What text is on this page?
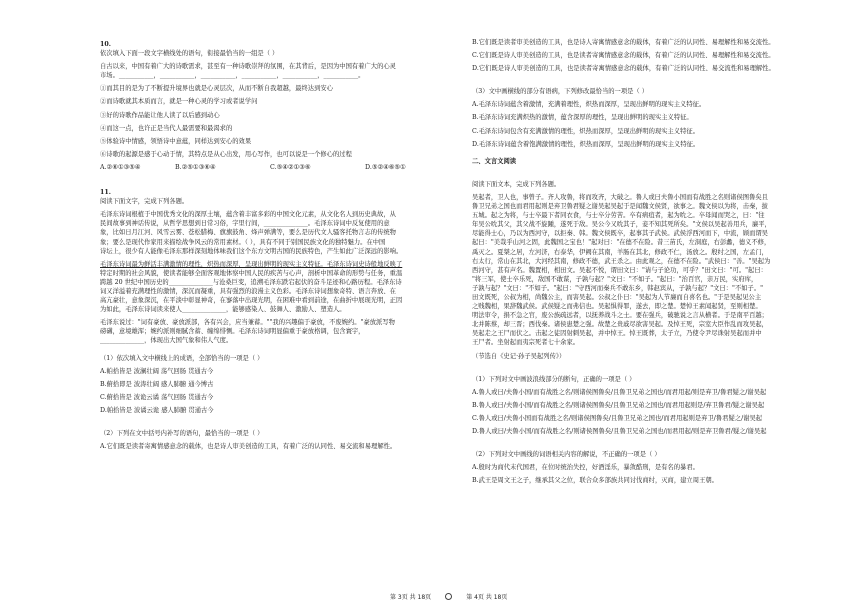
10.

依次填入下面一段文字横线处的语句，衔接最恰当的一组是（ ）

自古以来，中国有着广大的诗歌需求，甚至有一种诗歌崇拜的氛围，在其背后，是因为中国有着广大的心灵

市场。___________，___________，___________，___________，___________，___________。

①而其目的是为了不断提升境界也就是心灵层次，从而不断自我超越，最终达到安心

②而诗歌就其本质而言，就是一种心灵的学习或者说学问

③好的诗歌作品能让他人读了以后感到动心

④而这一点，也许正是当代人最需要和最渴求的

⑤体验诗中情感，领悟诗中意蕴，同样达到安心的效果

⑥诗歌的起源是感于心动于情，其特点是从心出发，用心写作，也可以说是一个修心的过程

A.②⑥①③⑤④	B.②⑤①③⑥④	C.⑤④②①③⑥	D.⑤②④⑥⑤①

11.

阅读下面文字，完成下列各题。

毛泽东诗词根植于中国优秀文化的深厚土壤，蕴含着丰富多彩的中国文化元素，从文化名人到历史典故，从

民间故事到神话传说，从哲学思想到日常习俗，字里行间，______________。毛泽东诗词中反复使用的意

象，比如日月江河、风雪云雾、苍松腊梅、旗旗鼓角、烽声弹满等，要么是历代文人骚客托物言志的传统物

象；要么是现代作家用来描绘战争风云的常用素材。（ ），具有不同于别国民族文化的独特魅力。在中国

诗坛上，很少有人能像毛泽东那样深刻地体味我们这个东方文明古国的民族特色，产生如此广泛深远的影响。

毛泽东诗词最为鲜活丰满激情的理性，炽热而深厚，呈现出鲜明的现实主义特征。毛泽东诗词史诗般地反映了

特定时期的社会风貌，使读者能够全面客观地体察中国人民的疾苦与心声，剖析中国革命的形势与任务，重温

跨越 20 世纪中国历史的______________与沧桑巨变，追溯毛泽东跌宕起伏的奋斗足迹和心路历程。毛泽东诗

词又洋溢着充满理性的激情，深沉而凝重，具有强烈的浪漫主义色彩。毛泽东诗词想象奇特、语言奔放、在

高亢豪壮，意象深沉，在平淡中彰显神奇，在寥落中出现光明，在困难中看到前途，在曲折中展现光明，正因

为如此，毛泽东诗词读来使人______________，能够感染人、鼓舞人、激励人、塑造人。

毛泽东说过："词有豪放、豪放派部，各有兴会，应当兼蓄。""我的兴趣偏于豪放，不废婉约。"豪放派写物

磅礴，意境雄浑；婉约派则细腻含蓄、缠绵悱恻。毛泽东诗词明显偏重于豪放格调，包含寰宇，

______________，体现出大国气象和伟人气度。

（1）依次填入文中横线上的成语，全部恰当的一项是（ ）

A.帕拾皆是 波澜壮阔 荡气回肠 贯通古今

B.俯拾即是 波涛壮阔 感人肺腑 通今博古

C.俯拾皆是 波诡云谲 荡气回肠 贯通古今

D.帕拾皆是 波谲云诡 感人肺腑 贯通古今

（2）下列在文中括号内补写的语句，最恰当的一项是（ ）

A.它们既是读者寄寓情感意念的载体，也是诗人审美创造的工具，有着广泛的认同性、易交流和易理解性。

B.它们既是读者审美创造的工具，也是诗人寄寓情感意念的载体，有着广泛的认同性、易理解性和易交流性。

C.它们既是诗人审美创造的工具，也是读者寄寓情感意念的载体，有着广泛的认同性、易理解性和易交流性。

D.它们既是诗人审美创造的工具，也是读者寄寓情感意念的载体，有着广泛的认同性、易交流性和易理解性。

（3）文中画横线的部分有语病，下列修改最恰当的一项是（ ）

A.毛泽东诗词蕴含着激情，充满着理性，炽热而深厚，呈现出鲜明的现实主义特征。

B.毛泽东诗词充满炽热的激情，蕴含深厚的理性，呈现出鲜明的现实主义特征。

C.毛泽东诗词包含有充满激情的理性，炽热而深厚，呈现出鲜明的现实主义特征。

D.毛泽东诗词蕴含着饱满激情的理性，炽热而深厚，呈现出鲜明的现实主义特征。

二、文言文阅读

阅读下面文本，完成下列各题。

吴起者，卫人也，事曾子。齐人攻鲁，将而攻齐，大破之。鲁人或曰夫鲁小国而有战胜之名则诸侯图鲁矣且

鲁卫兄弟之国也而君用起则是弃卫鲁君疑之谢吴起吴起于是闻魏文侯贤，欲事之。魏文侯以为将，击秦，拔

五城。起之为将，与士卒最下者同衣食，与士卒分劳苦。卒有病疽者，起为吮之。卒母闻而哭之，曰："往

年吴公吮其父，其父战不旋踵，遂死于敌。吴公今又吮其子，妾不知其死所矣。"文侯以吴起善用兵，廉平，

尽能得士心，乃以为西河守，以拒秦、韩。魏文侯既卒，起事其子武侯。武侯浮西河而下，中流，顾而谓吴

起曰："美哉乎山河之固，此魏国之宝也！"起对曰："在德不在险。昔三苗氏，左洞庭，右彭蠡，德义不修，

禹灭之。夏桀之居，左河济，右泰华，伊阙在其南，羊肠在其北，修政不仁，汤放之。殷纣之国，左孟门，

右太行，常山在其北，大河经其南，修政不德，武王杀之。由此观之，在德不在险。"武侯曰："善。"吴起为

西河守，甚有声名。魏置相，相田文。吴起不悦，谓田文曰："请与子论功，可乎？"田文曰："可。"起曰：

"将三军，使士卒乐死，敌国不敢谋，子孰与起？"文曰："不如子。"起曰："治百官，亲万民，实府库，

子孰与起？"文曰："不如子。"起曰："守西河而秦兵不敢东乡，韩赵宾从，子孰与起？"文曰："不如子。"

田文既死，公叔为相，尚魏公主，而害吴起。公叔之仆曰："吴起为人节廉而自喜名也。"于是吴起见公主

之贱魏相，果辞魏武侯。武侯疑之而弗信也。吴起惧得罪，遂去，即之楚。楚悼王素闻起贤，至则相楚。

明法审令，捐不急之官，废公族疏远者，以抚养战斗之士。要在强兵，破驰说之言从横者。于是南平百越；

北并陈蔡，却三晋；西伐秦。诸侯患楚之强。故楚之贵戚尽欲害吴起。及悼王死，宗室大臣作乱而攻吴起，

吴起走之王尸而伏之。击起之徒因射刺吴起，并中悼王。悼王既葬，太子立，乃使令尹尽诛射吴起而并中

王尸者。坐射起而夷宗死者七十余家。

（节选自《史记·孙子吴起列传》）

（1）下列对文中画波浪线部分的断句，正确的一项是（ ）

A.鲁人或曰/夫鲁小国/而有战胜之名/则诸侯图鲁矣/且鲁卫兄弟之国也/而君用起/则是弃卫/鲁君疑之/谢吴起

B.鲁人或曰/夫鲁小国/而有战胜之名/则诸侯图鲁矣/且鲁卫兄弟之国也/而君用起则是/弃卫鲁君/疑之谢吴起

C.鲁人或曰/夫鲁小国而有战胜之名/则诸侯图鲁矣/且鲁卫兄弟之国也/而君用起则是弃卫/鲁君疑之/谢吴起

D.鲁人或曰/夫鲁小国/而有战胜之名/则诸侯图鲁矣/且鲁卫兄弟之国也/而君用起/则是弃卫鲁君/疑之/谢吴起

（2）下列对文中画线的词语相关内容的解说，不正确的一项是（ ）

A.殷时为商代末代国君，在位时统治失控，好酒淫乐，暴敛酷刑，是有名的暴君。

B.武王是周文王之子，继承其父之位，联合众多部族共同讨伐商纣，灭商，建立周王朝。

第 3页 共 18页	第 4页 共 18页
